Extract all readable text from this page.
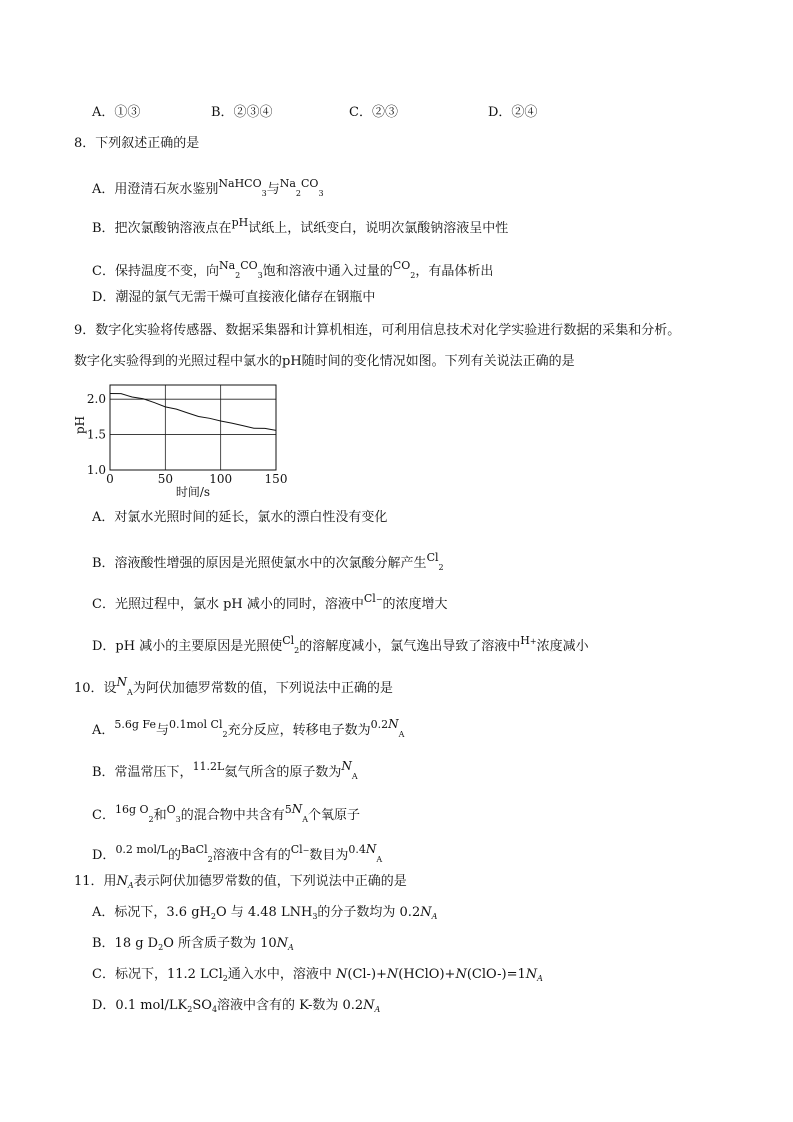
A．①③	B．②③④	C．②③	D．②④
8．下列叙述正确的是
A．用澄清石灰水鉴别$^{NaHCO}_3$与$^{Na}_2^{CO}_3$
B．把次氯酸钠溶液点在$^{pH}$试纸上，试纸变白，说明次氯酸钠溶液呈中性
C．保持温度不变，向$^{Na}_2^{CO}_3$饱和溶液中通入过量的$^{CO}_2$，有晶体析出
D．潮湿的氯气无需干燥可直接液化储存在钢瓶中
9．数字化实验将传感器、数据采集器和计算机相连，可利用信息技术对化学实验进行数据的采集和分析。
数字化实验得到的光照过程中氯水的pH随时间的变化情况如图。下列有关说法正确的是
0	50	100	150
1.0
1.5
2.0
时间/s
pH
A．对氯水光照时间的延长，氯水的漂白性没有变化
B．溶液酸性增强的原因是光照使氯水中的次氯酸分解产生$^{Cl}_2$
C．光照过程中，氯水 pH 减小的同时，溶液中$^{Cl-}$的浓度增大
D．pH 减小的主要原因是光照使$^{Cl}_2$的溶解度减小，氯气逸出导致了溶液中$^{H+}$浓度减小
10．设$N_A$为阿伏加德罗常数的值，下列说法中正确的是
A．$^{5.6g Fe}$与$^{0.1mol Cl}_2$充分反应，转移电子数为$^{0.2}N_A$
B．常温常压下，$^{11.2L}$氦气所含的原子数为$N_A$
C．$^{16g O}_2$和$^O_3$的混合物中共含有$^5N_A$个氧原子
D．$^{0.2 mol/L}$的$^{BaCl}_2$溶液中含有的$^{Cl-}$数目为$^{0.4}N_A$
11．用$N_A$表示阿伏加德罗常数的值，下列说法中正确的是
A．标况下，3.6 $gH_2O$ 与 4.48 $LNH_3$的分子数均为 $0.2N_A$
B．18 g $D_2O$ 所含质子数为 $10N_A$
C．标况下，11.2 LCl$_2$通入水中，溶液中 $N(Cl-)+N(HClO)+N(ClO-)=1N_A$
D．0.1 mol/$LK_2SO_4$溶液中含有的 K-数为 $0.2N_A$
